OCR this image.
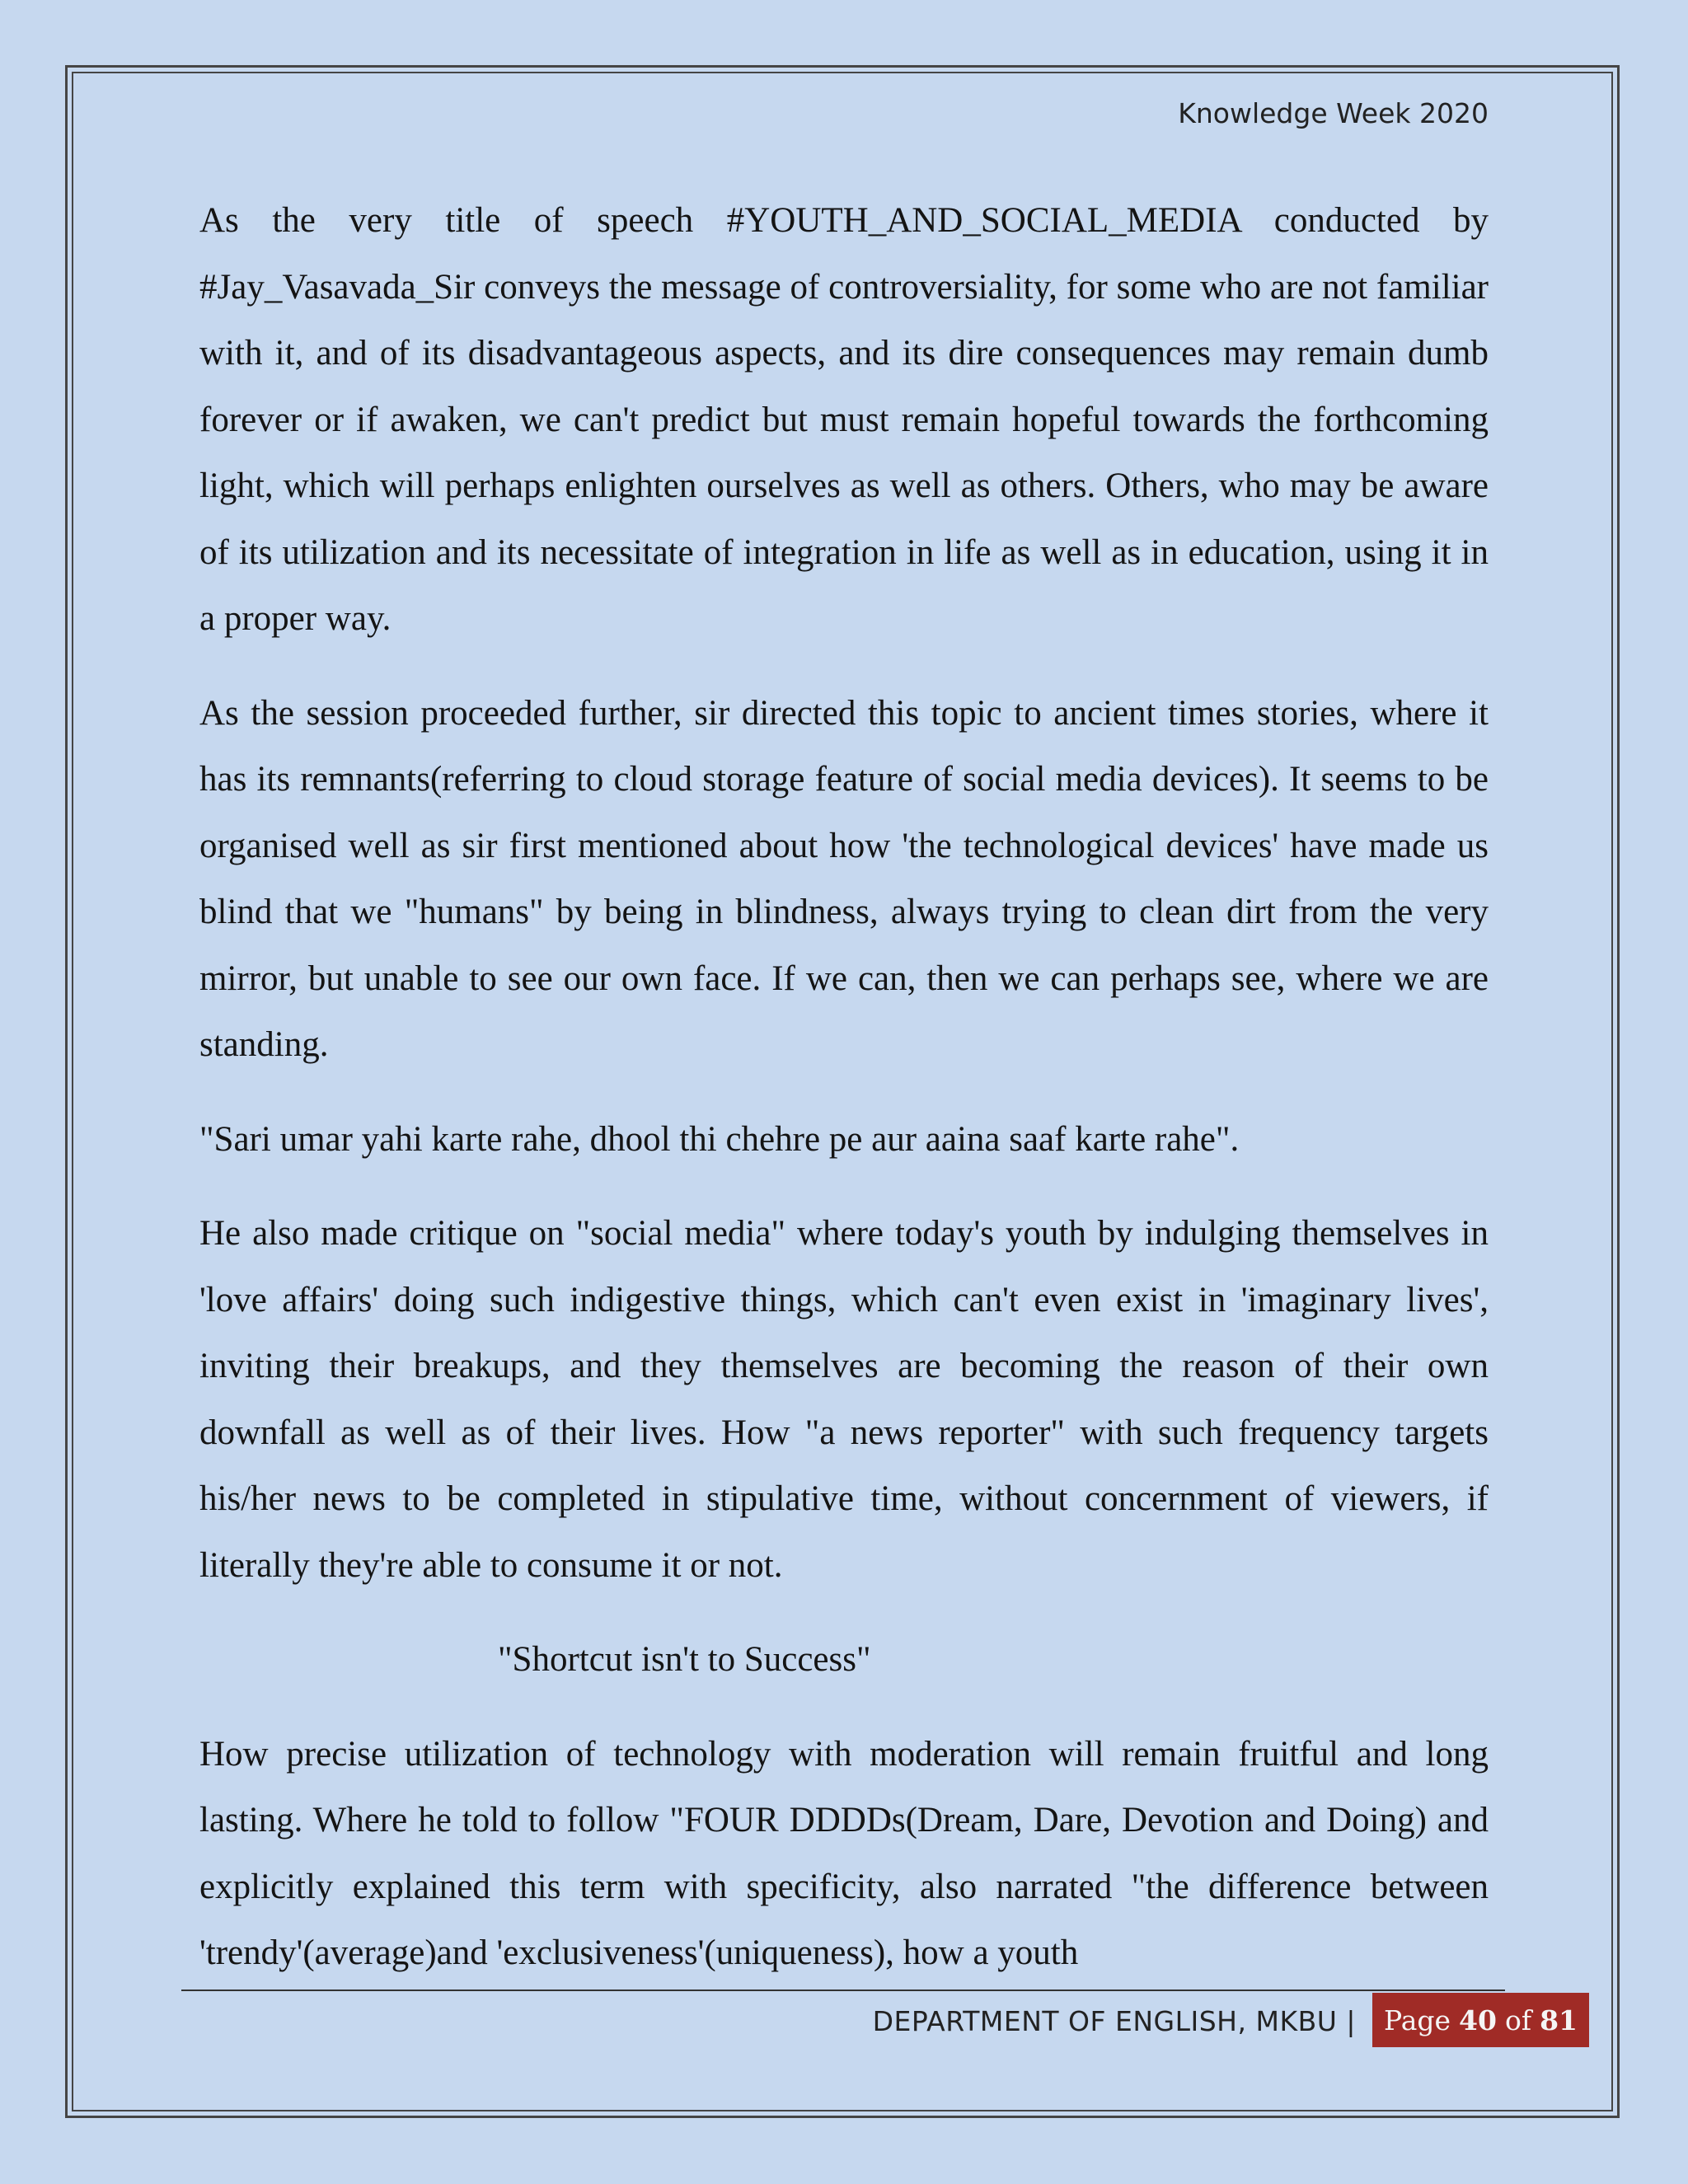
Knowledge Week 2020

As the very title of speech #YOUTH_AND_SOCIAL_MEDIA conducted by #Jay_Vasavada_Sir conveys the message of controversiality, for some who are not familiar with it, and of its disadvantageous aspects, and its dire consequences may remain dumb forever or if awaken, we can't predict but must remain hopeful towards the forthcoming light, which will perhaps enlighten ourselves as well as others. Others, who may be aware of its utilization and its necessitate of integration in life as well as in education, using it in a proper way.

As the session proceeded further, sir directed this topic to ancient times stories, where it has its remnants(referring to cloud storage feature of social media devices). It seems to be organised well as sir first mentioned about how 'the technological devices' have made us blind that we "humans" by being in blindness, always trying to clean dirt from the very mirror, but unable to see our own face. If we can, then we can perhaps see, where we are standing.

"Sari umar yahi karte rahe, dhool thi chehre pe aur aaina saaf karte rahe".

He also made critique on "social media" where today's youth by indulging themselves in 'love affairs' doing such indigestive things, which can't even exist in 'imaginary lives', inviting their breakups, and they themselves are becoming the reason of their own downfall as well as of their lives. How "a news reporter" with such frequency targets his/her news to be completed in stipulative time, without concernment of viewers, if literally they're able to consume it or not.

"Shortcut isn't to Success"

How precise utilization of technology with moderation will remain fruitful and long lasting. Where he told to follow "FOUR DDDDs(Dream, Dare, Devotion and Doing) and explicitly explained this term with specificity, also narrated "the difference between 'trendy'(average)and 'exclusiveness'(uniqueness), how a youth

DEPARTMENT OF ENGLISH, MKBU | Page 40 of 81
